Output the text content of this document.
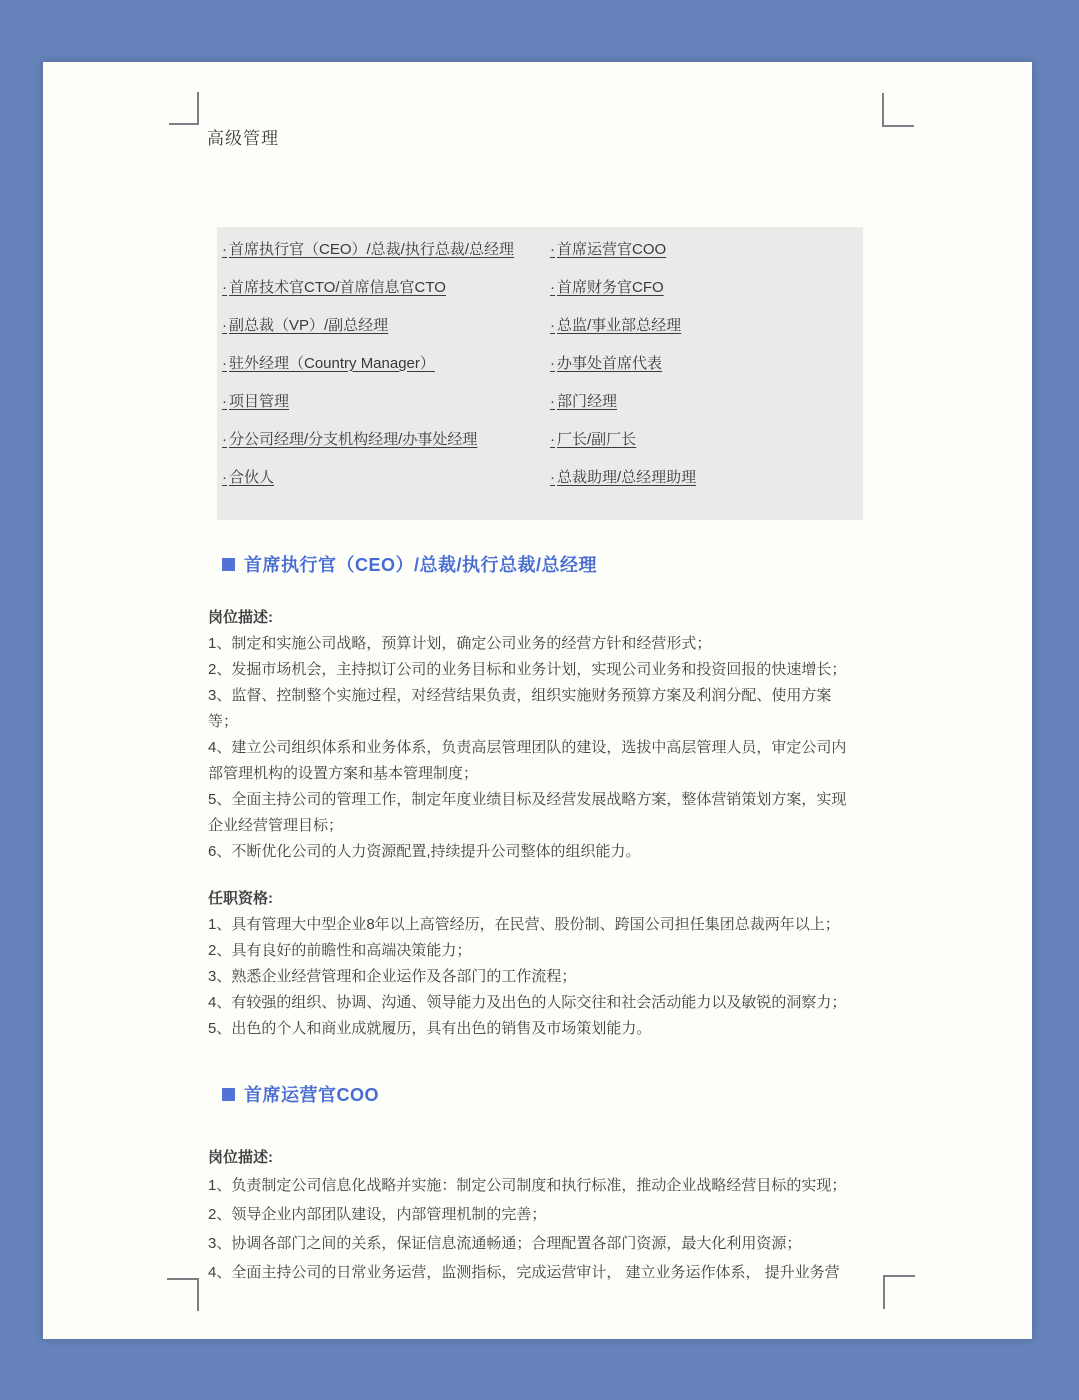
高级管理
· 首席执行官（CEO）/总裁/执行总裁/总经理	· 首席运营官COO
· 首席技术官CTO/首席信息官CTO	· 首席财务官CFO
· 副总裁（VP）/副总经理	· 总监/事业部总经理
· 驻外经理（Country Manager）	· 办事处首席代表
· 项目管理	· 部门经理
· 分公司经理/分支机构经理/办事处经理	· 厂长/副厂长
· 合伙人	· 总裁助理/总经理助理
首席执行官（CEO）/总裁/执行总裁/总经理
岗位描述:
1、制定和实施公司战略，预算计划，确定公司业务的经营方针和经营形式；
2、发掘市场机会，主持拟订公司的业务目标和业务计划，实现公司业务和投资回报的快速增长；
3、监督、控制整个实施过程，对经营结果负责，组织实施财务预算方案及利润分配、使用方案
等；
4、建立公司组织体系和业务体系，负责高层管理团队的建设，选拔中高层管理人员，审定公司内
部管理机构的设置方案和基本管理制度；
5、全面主持公司的管理工作，制定年度业绩目标及经营发展战略方案，整体营销策划方案，实现
企业经营管理目标；
6、不断优化公司的人力资源配置,持续提升公司整体的组织能力。
任职资格:
1、具有管理大中型企业8年以上高管经历，在民营、股份制、跨国公司担任集团总裁两年以上；
2、具有良好的前瞻性和高端决策能力；
3、熟悉企业经营管理和企业运作及各部门的工作流程；
4、有较强的组织、协调、沟通、领导能力及出色的人际交往和社会活动能力以及敏锐的洞察力；
5、出色的个人和商业成就履历，具有出色的销售及市场策划能力。
首席运营官COO
岗位描述:
1、负责制定公司信息化战略并实施：制定公司制度和执行标准，推动企业战略经营目标的实现；
2、领导企业内部团队建设，内部管理机制的完善；
3、协调各部门之间的关系，保证信息流通畅通；合理配置各部门资源，最大化利用资源；
4、全面主持公司的日常业务运营，监测指标，完成运营审计， 建立业务运作体系， 提升业务营
